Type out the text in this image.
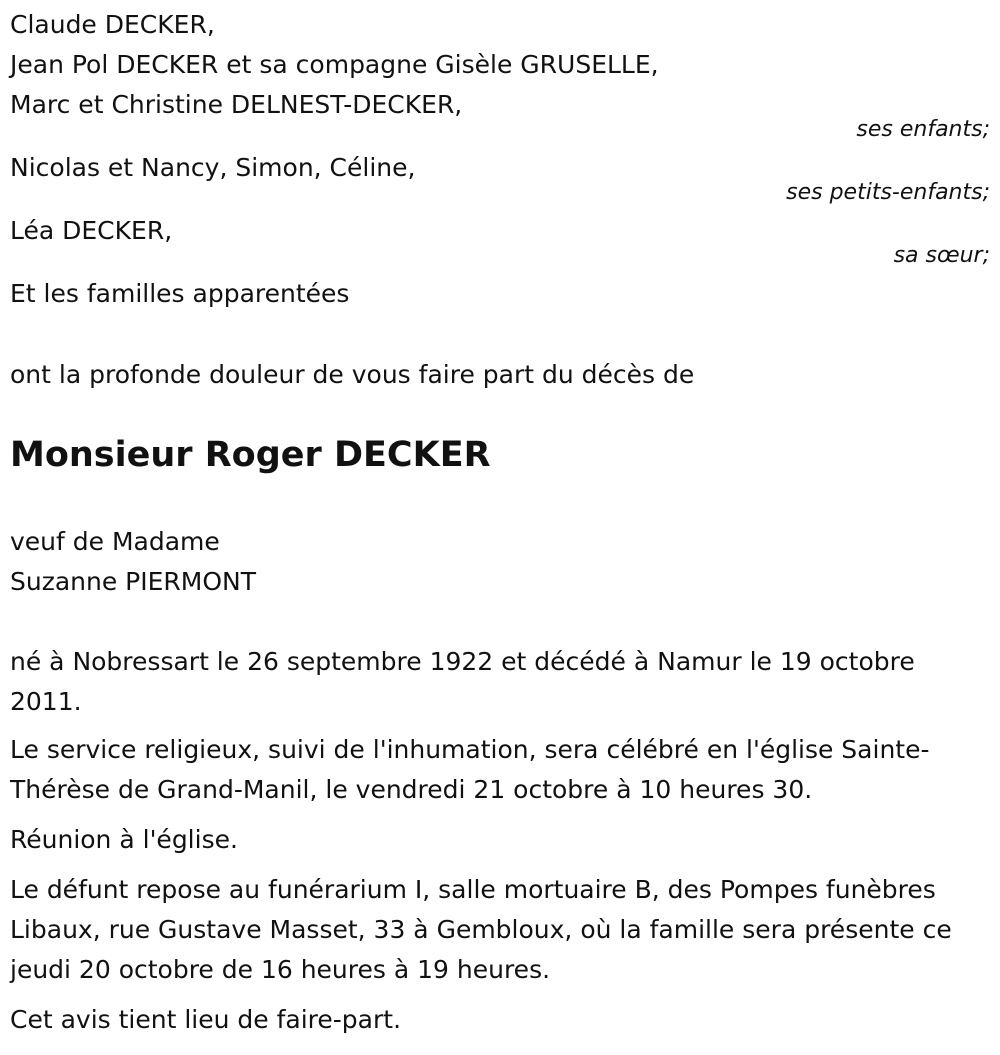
Claude DECKER,
Jean Pol DECKER et sa compagne Gisèle GRUSELLE,
Marc et Christine DELNEST-DECKER,
ses enfants;
Nicolas et Nancy, Simon, Céline,
ses petits-enfants;
Léa DECKER,
sa sœur;
Et les familles apparentées
ont la profonde douleur de vous faire part du décès de
Monsieur Roger DECKER
veuf de Madame
Suzanne PIERMONT
né à Nobressart le 26 septembre 1922 et décédé à Namur le 19 octobre 2011.
Le service religieux, suivi de l'inhumation, sera célébré en l'église Sainte-Thérèse de Grand-Manil, le vendredi 21 octobre à 10 heures 30.
Réunion à l'église.
Le défunt repose au funérarium I, salle mortuaire B, des Pompes funèbres Libaux, rue Gustave Masset, 33 à Gembloux, où la famille sera présente ce jeudi 20 octobre de 16 heures à 19 heures.
Cet avis tient lieu de faire-part.
